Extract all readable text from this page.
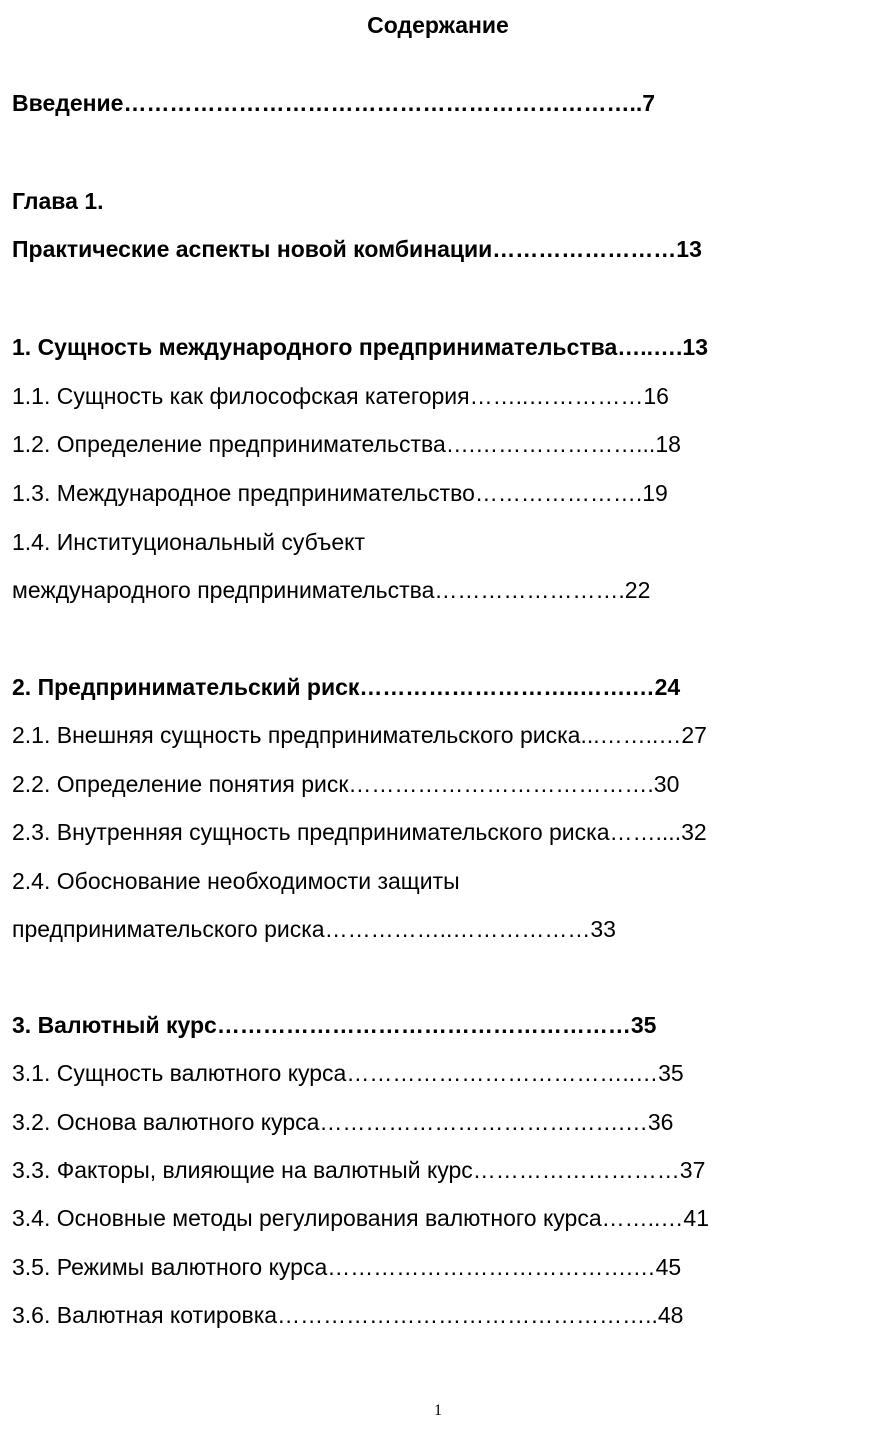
Содержание
Введение…………………………………………………………..7
Глава 1.
Практические аспекты новой комбинации……………………13
1. Сущность международного предпринимательства…..….13
1.1. Сущность как философская категория……..……………16
1.2. Определение предпринимательства….…………………...18
1.3. Международное предпринимательство………………….19
1.4. Институциональный субъект
международного предпринимательства…………………….22
2. Предпринимательский риск………………………..…….…24
2.1. Внешняя сущность предпринимательского риска...……..…27
2.2. Определение понятия риск………………………………….30
2.3. Внутренняя сущность предпринимательского риска……....32
2.4. Обоснование необходимости защиты
предпринимательского риска……………..………………33
3. Валютный курс………………………………………………35
3.1. Сущность валютного курса………………………………..…35
3.2. Основа валютного курса………………………………….…36
3.3. Факторы, влияющие на валютный курс………………………37
3.4. Основные методы регулирования валютного курса……..…41
3.5. Режимы валютного курса………………………………….…45
3.6. Валютная котировка…………………………………………..48
1
